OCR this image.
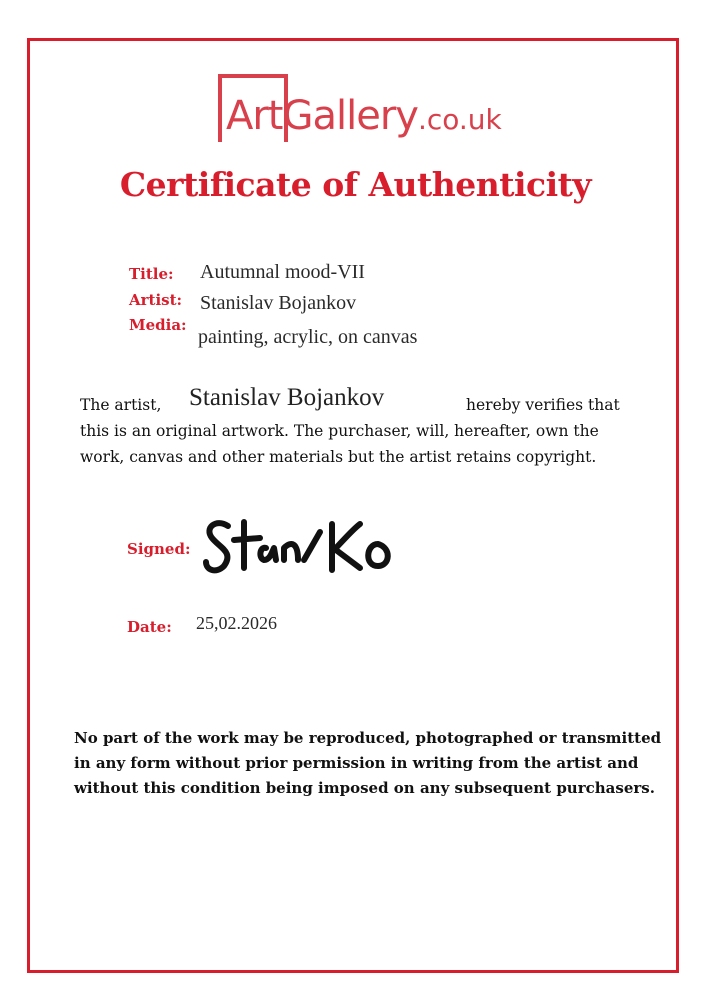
ArtGallery.co.uk
Certificate of Authenticity
Title: Autumnal mood-VII
Artist: Stanislav Bojankov
Media:
painting, acrylic, on canvas
The artist, Stanislav Bojankov	hereby verifies that
this is an original artwork. The purchaser, will, hereafter, own the
work, canvas and other materials but the artist retains copyright.
Signed:
Date: 25,02.2026
No part of the work may be reproduced, photographed or transmitted
in any form without prior permission in writing from the artist and
without this condition being imposed on any subsequent purchasers.
